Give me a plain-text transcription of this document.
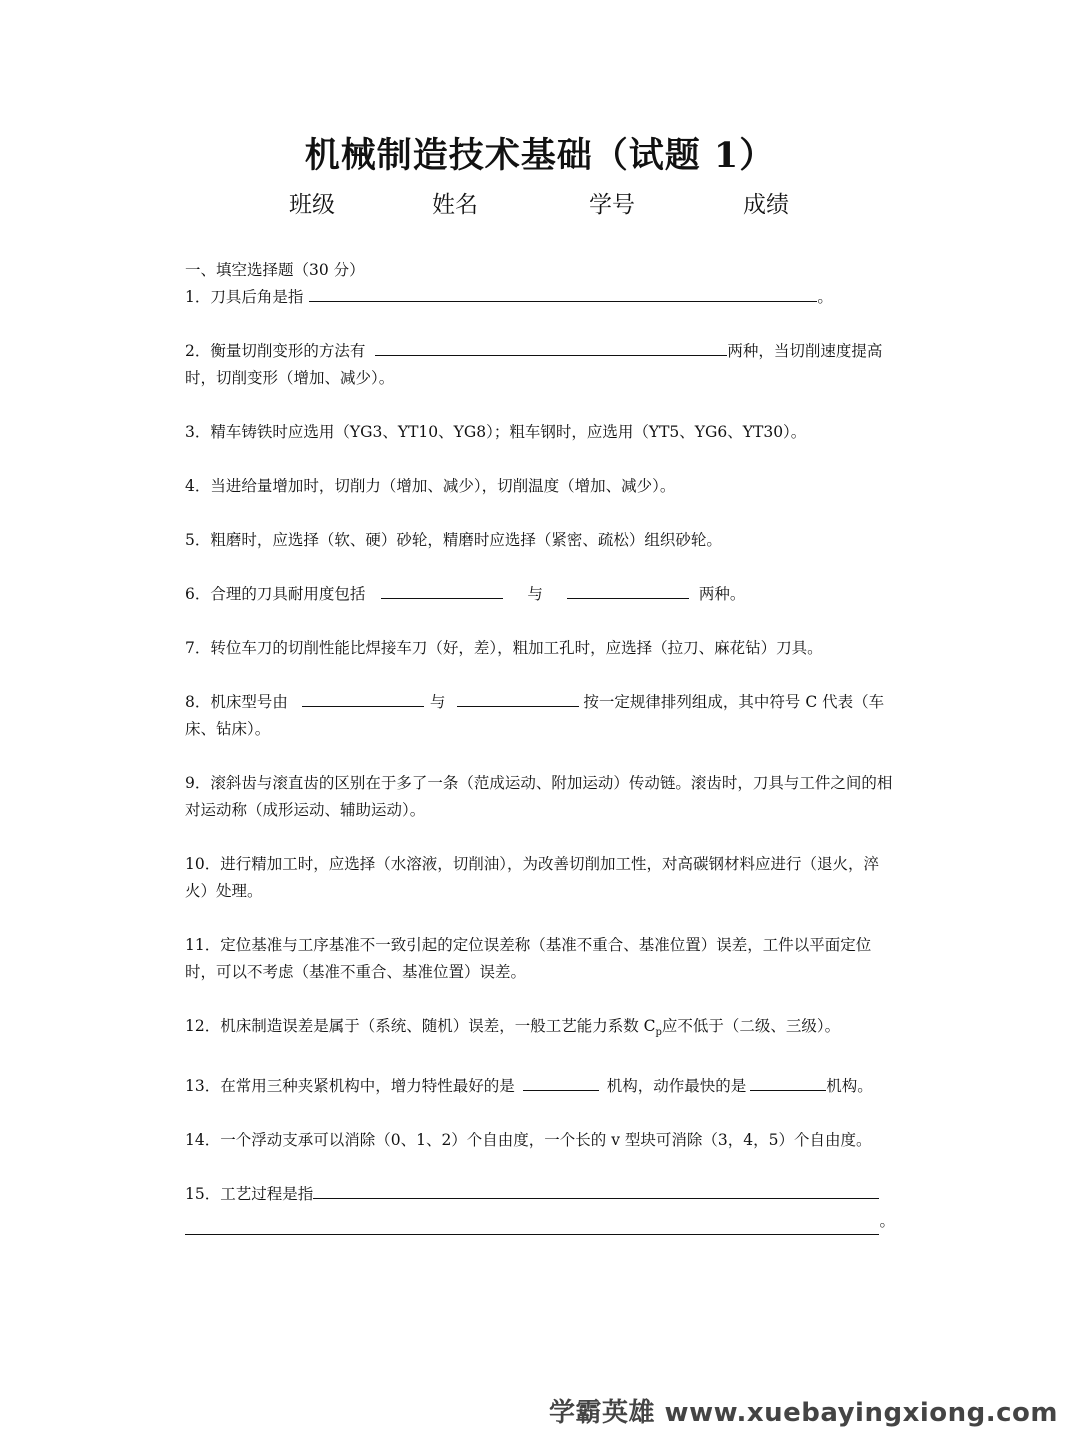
机械制造技术基础（试题 1）
班级	姓名	学号	成绩

一、填空选择题（30 分）

1．刀具后角是指	。

2．衡量切削变形的方法有	两种，当切削速度提高时，切削变形（增加、减少）。

3．精车铸铁时应选用（YG3、YT10、YG8）；粗车钢时，应选用（YT5、YG6、YT30）。

4．当进给量增加时，切削力（增加、减少），切削温度（增加、减少）。

5．粗磨时，应选择（软、硬）砂轮，精磨时应选择（紧密、疏松）组织砂轮。

6．合理的刀具耐用度包括	与	两种。

7．转位车刀的切削性能比焊接车刀（好，差），粗加工孔时，应选择（拉刀、麻花钻）刀具。

8．机床型号由	与	按一定规律排列组成，其中符号 C 代表（车床、钻床）。

9．滚斜齿与滚直齿的区别在于多了一条（范成运动、附加运动）传动链。滚齿时，刀具与工件之间的相对运动称（成形运动、辅助运动）。

10．进行精加工时，应选择（水溶液，切削油），为改善切削加工性，对高碳钢材料应进行（退火，淬火）处理。

11．定位基准与工序基准不一致引起的定位误差称（基准不重合、基准位置）误差，工件以平面定位时，可以不考虑（基准不重合、基准位置）误差。

12．机床制造误差是属于（系统、随机）误差，一般工艺能力系数 $C_p$应不低于（二级、三级）。

13．在常用三种夹紧机构中，增力特性最好的是	机构，动作最快的是	机构。

14．一个浮动支承可以消除（0、1、2）个自由度，一个长的 v 型块可消除（3，4，5）个自由度。

15．工艺过程是指

。
学霸英雄 www.xuebayingxiong.com
